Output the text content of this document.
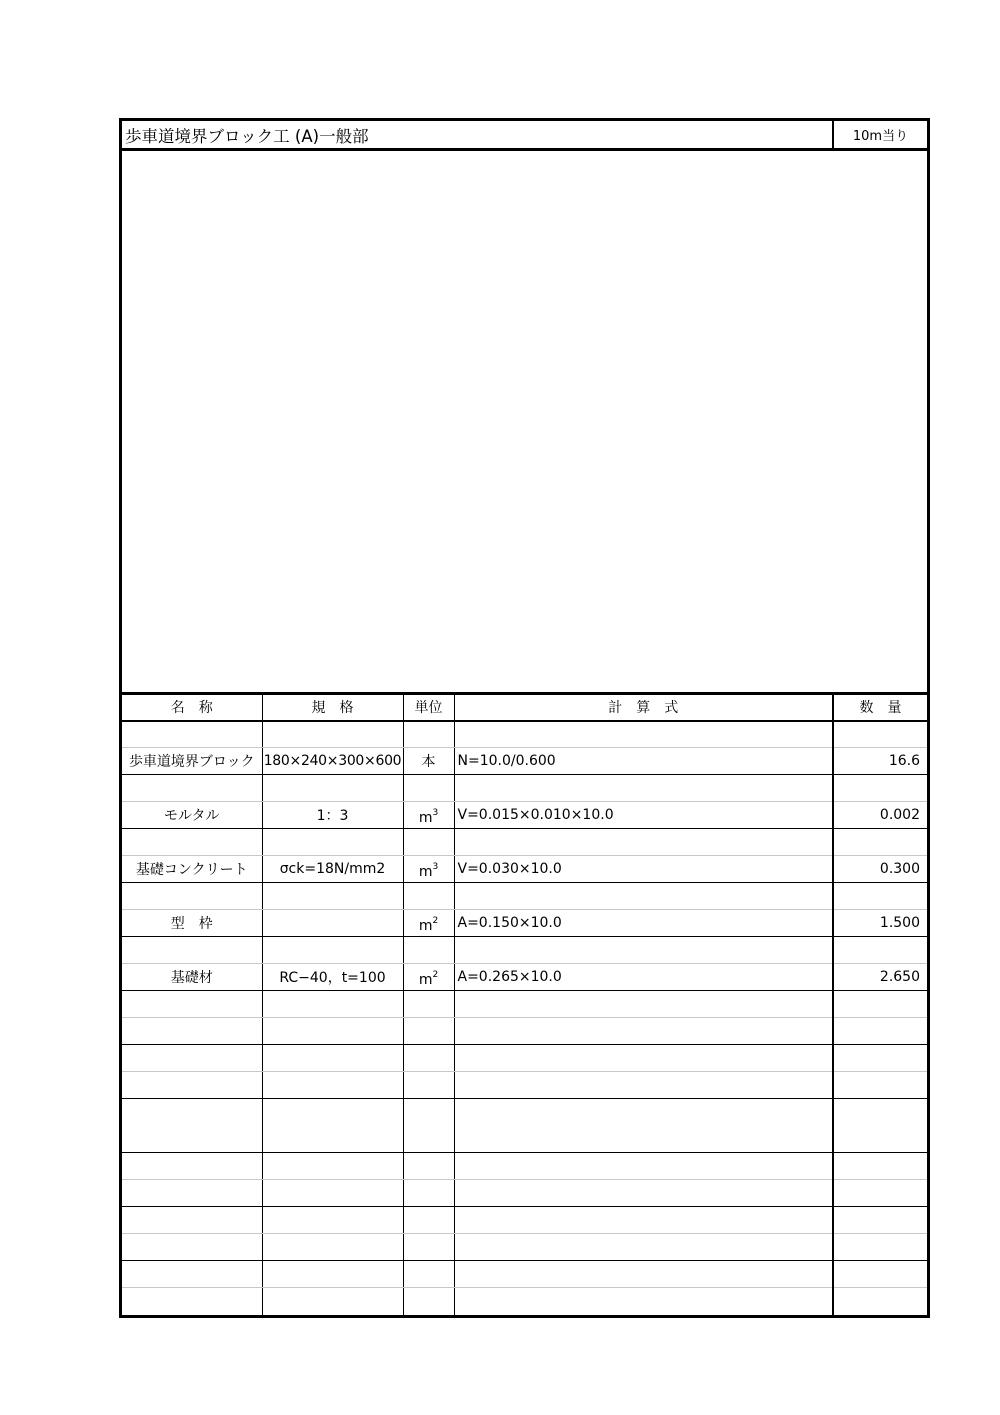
歩車道境界ブロック工 (A)一般部	10m当り
名　称	規　格	単位	計　算　式	数　量

歩車道境界ブロック	180×240×300×600	本	N=10.0/0.600	16.6

モルタル	1：3	$m^3$	V=0.015×0.010×10.0	0.002

基礎コンクリート	σck=18N/mm2	$m^3$	V=0.030×10.0	0.300

型　枠		$m^2$	A=0.150×10.0	1.500

基礎材	RC−40，t=100	$m^2$	A=0.265×10.0	2.650
